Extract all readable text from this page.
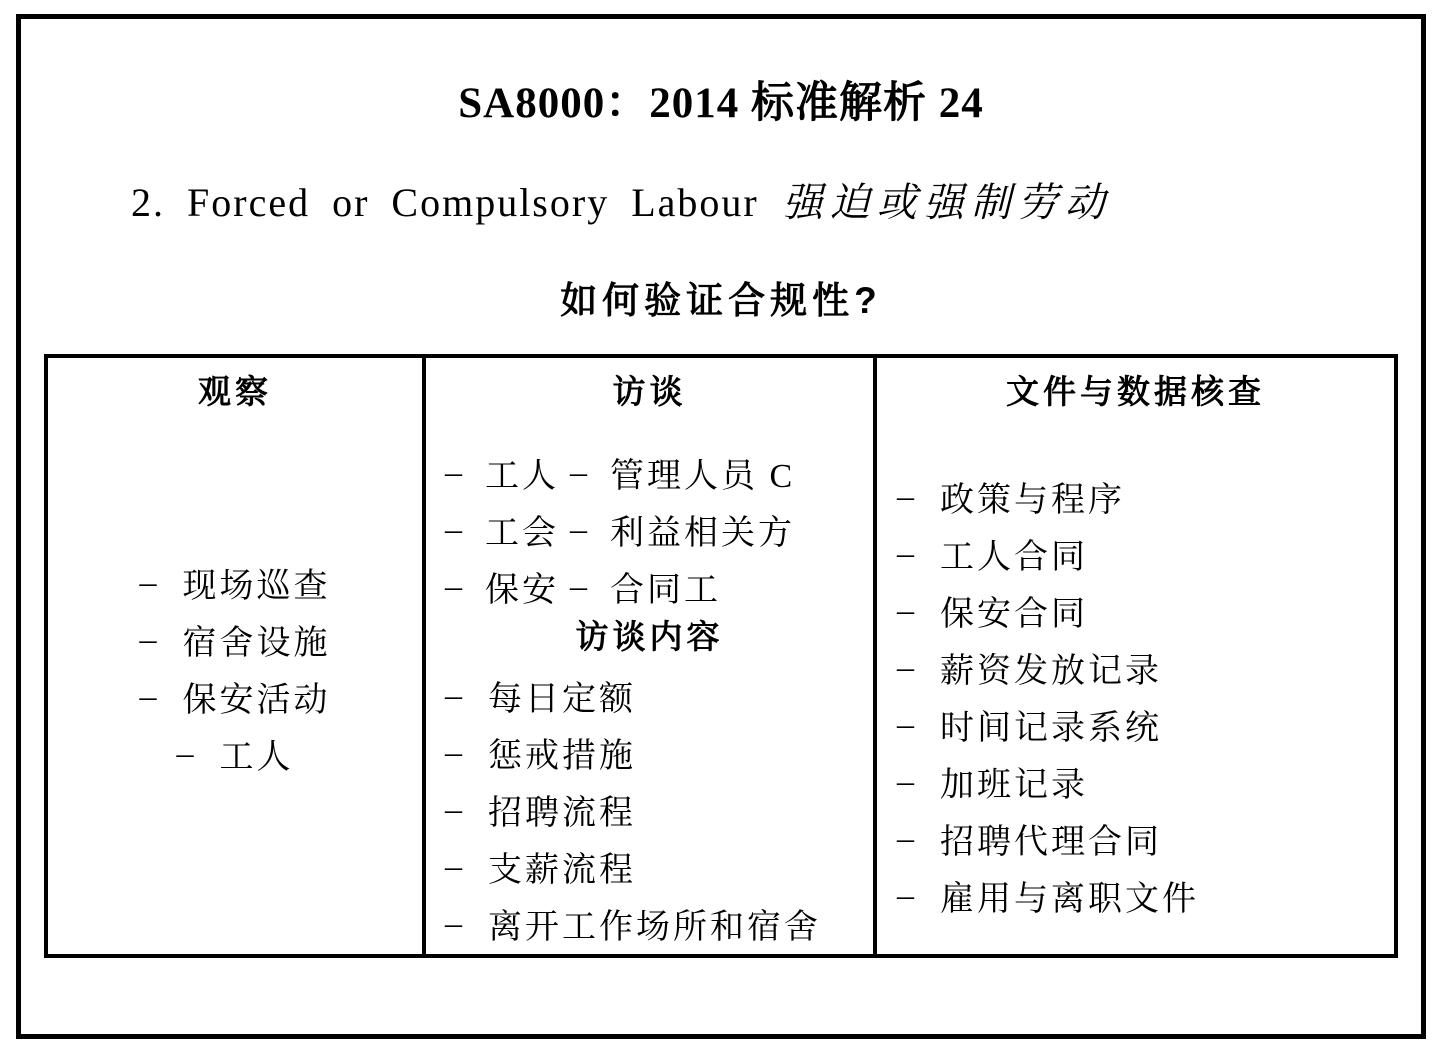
SA8000：2014 标准解析 24
2. Forced or Compulsory Labour 强迫或强制劳动
如何验证合规性?
观察
– 现场巡查
– 宿舍设施
– 保安活动
– 工人
访谈
– 工人 – 管理人员 C
– 工会 – 利益相关方
– 保安 – 合同工
访谈内容
– 每日定额
– 惩戒措施
– 招聘流程
– 支薪流程
– 离开工作场所和宿舍
文件与数据核查
– 政策与程序
– 工人合同
– 保安合同
– 薪资发放记录
– 时间记录系统
– 加班记录
– 招聘代理合同
– 雇用与离职文件
